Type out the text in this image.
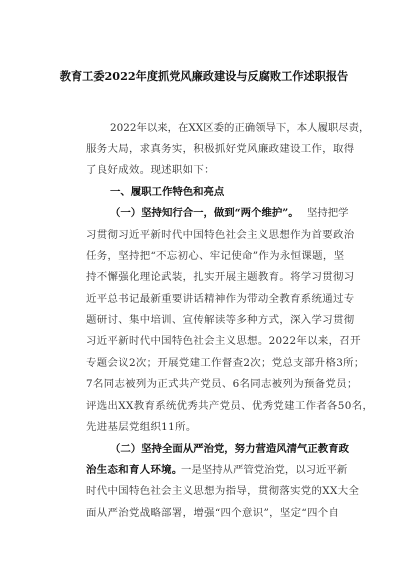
教育工委2022年度抓党风廉政建设与反腐败工作述职报告
2022年以来，在XX区委的正确领导下，本人履职尽责，
服务大局，求真务实，积极抓好党风廉政建设工作，取得
了良好成效。现述职如下：
一、履职工作特色和亮点
（一）坚持知行合一，做到“两个维护”。 坚持把学
习贯彻习近平新时代中国特色社会主义思想作为首要政治
任务，坚持把“不忘初心、牢记使命”作为永恒课题，坚
持不懈强化理论武装，扎实开展主题教育。将学习贯彻习
近平总书记最新重要讲话精神作为带动全教育系统通过专
题研讨、集中培训、宣传解读等多种方式，深入学习贯彻
习近平新时代中国特色社会主义思想。2022年以来，召开
专题会议2次；开展党建工作督查2次；党总支部升格3所；
7名同志被列为正式共产党员、6名同志被列为预备党员；
评选出XX教育系统优秀共产党员、优秀党建工作者各50名，
先进基层党组织11所。
（二）坚持全面从严治党，努力营造风清气正教育政
治生态和育人环境。
一是坚持从严管党治党，以习近平新
时代中国特色社会主义思想为指导，贯彻落实党的XX大全
面从严治党战略部署，增强“四个意识”，坚定“四个自
